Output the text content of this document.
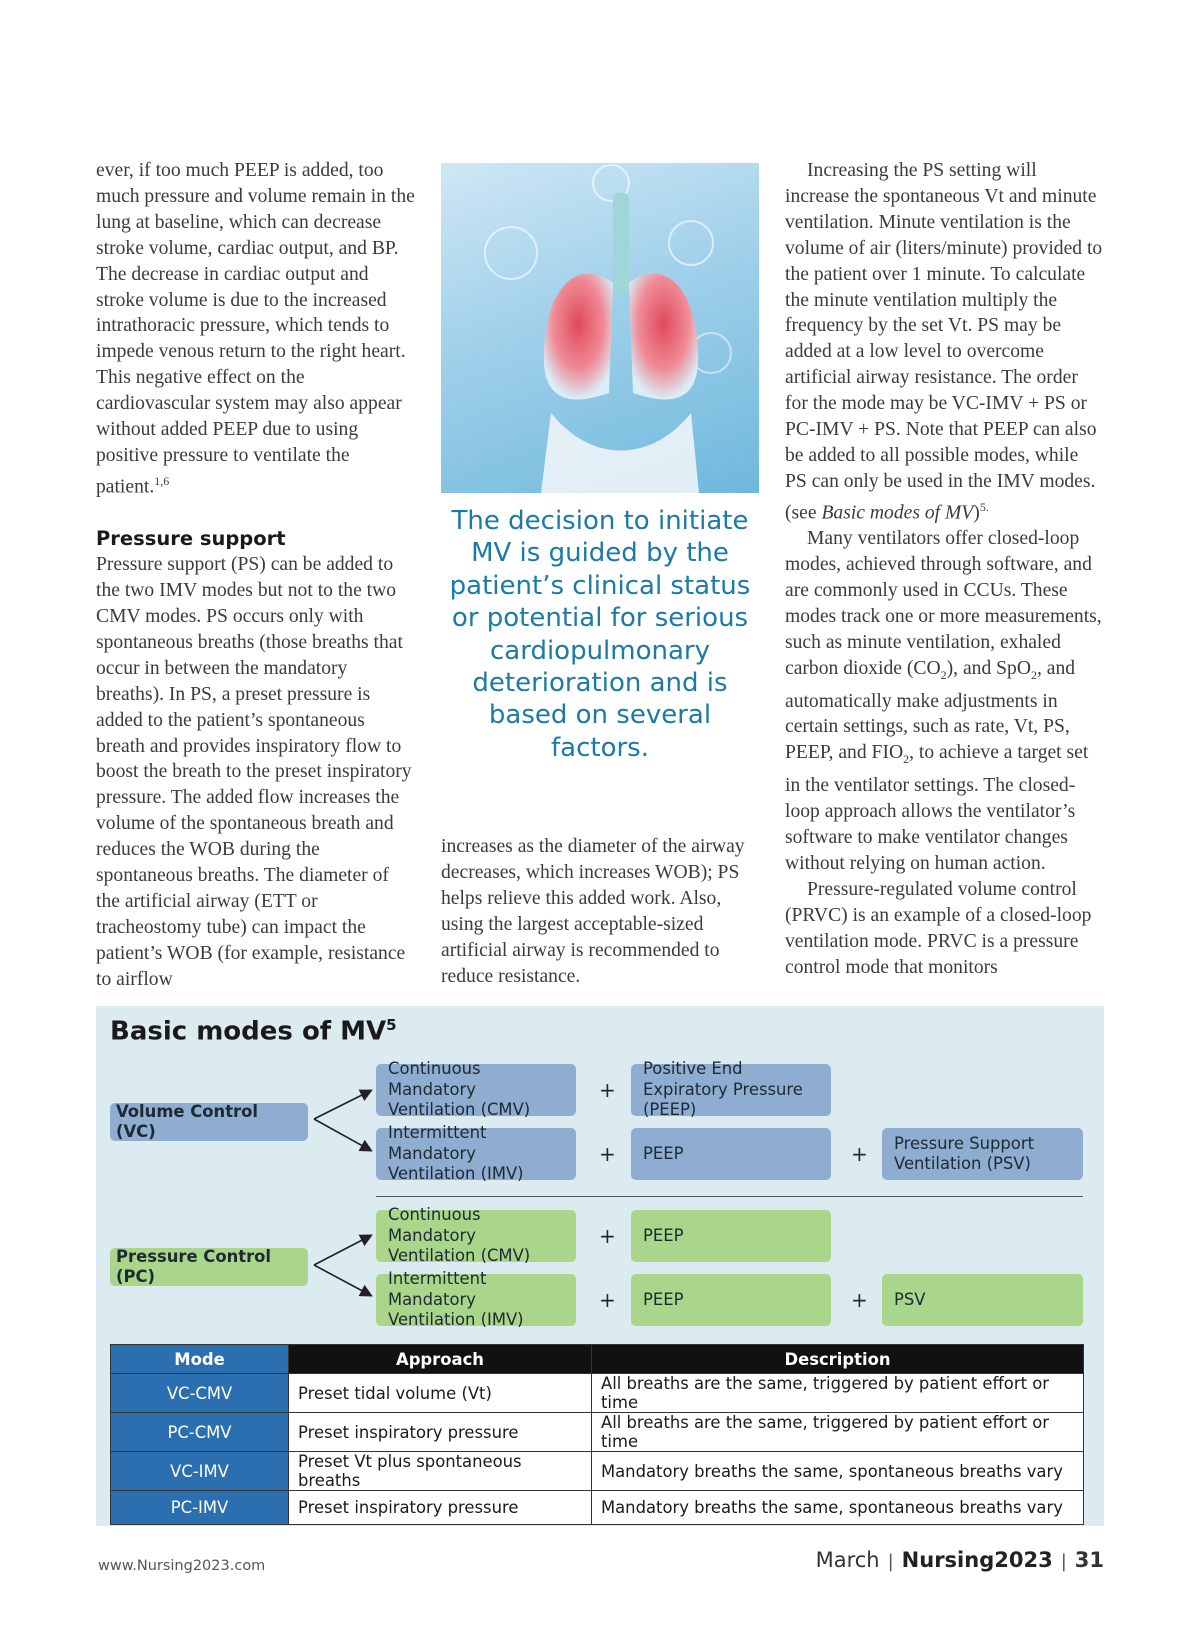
ever, if too much PEEP is added, too much pressure and volume remain in the lung at baseline, which can decrease stroke volume, cardiac output, and BP. The decrease in cardiac output and stroke volume is due to the increased intrathoracic pressure, which tends to impede venous return to the right heart. This negative effect on the cardiovascular system may also appear without added PEEP due to using positive pressure to ventilate the patient.$^{1,6}$

Pressure support

Pressure support (PS) can be added to the two IMV modes but not to the two CMV modes. PS occurs only with spontaneous breaths (those breaths that occur in between the mandatory breaths). In PS, a preset pressure is added to the patient’s spontaneous breath and provides inspiratory flow to boost the breath to the preset inspiratory pressure. The added flow increases the volume of the spontaneous breath and reduces the WOB during the spontaneous breaths. The diameter of the artificial airway (ETT or tracheostomy tube) can impact the patient’s WOB (for example, resistance to airflow

The decision to initiate MV is guided by the patient’s clinical status or potential for serious cardiopulmonary deterioration and is based on several factors.

increases as the diameter of the airway decreases, which increases WOB); PS helps relieve this added work. Also, using the largest acceptable-sized artificial airway is recommended to reduce resistance.

Increasing the PS setting will increase the spontaneous Vt and minute ventilation. Minute ventilation is the volume of air (liters/minute) provided to the patient over 1 minute. To calculate the minute ventilation multiply the frequency by the set Vt. PS may be added at a low level to overcome artificial airway resistance. The order for the mode may be VC-IMV + PS or PC-IMV + PS. Note that PEEP can also be added to all possible modes, while PS can only be used in the IMV modes. (see Basic modes of MV)$^{5.}$

Many ventilators offer closed-loop modes, achieved through software, and are commonly used in CCUs. These modes track one or more measurements, such as minute ventilation, exhaled carbon dioxide $(CO_2)$, and SpO$_2$, and automatically make adjustments in certain settings, such as rate, Vt, PS, PEEP, and $FIO_2$, to achieve a target set in the ventilator settings. The closed-loop approach allows the ventilator’s software to make ventilator changes without relying on human action.

Pressure-regulated volume control (PRVC) is an example of a closed-loop ventilation mode. PRVC is a pressure control mode that monitors

Basic modes of $MV^5$
Volume Control (VC)
Continuous Mandatory Ventilation (CMV)
+
Positive End Expiratory Pressure (PEEP)
Intermittent Mandatory Ventilation (IMV)
+	PEEP	+	Pressure Support Ventilation (PSV)
Pressure Control (PC)
Continuous Mandatory Ventilation (CMV)
+	PEEP
Intermittent Mandatory Ventilation (IMV)
+	PEEP	+	PSV
Mode	Approach	Description
VC-CMV	Preset tidal volume (Vt)	All breaths are the same, triggered by patient effort or time
PC-CMV	Preset inspiratory pressure	All breaths are the same, triggered by patient effort or time
VC-IMV	Preset Vt plus spontaneous breaths	Mandatory breaths the same, spontaneous breaths vary
PC-IMV	Preset inspiratory pressure	Mandatory breaths the same, spontaneous breaths vary
www.Nursing2023.com	March | Nursing2023 | 31
